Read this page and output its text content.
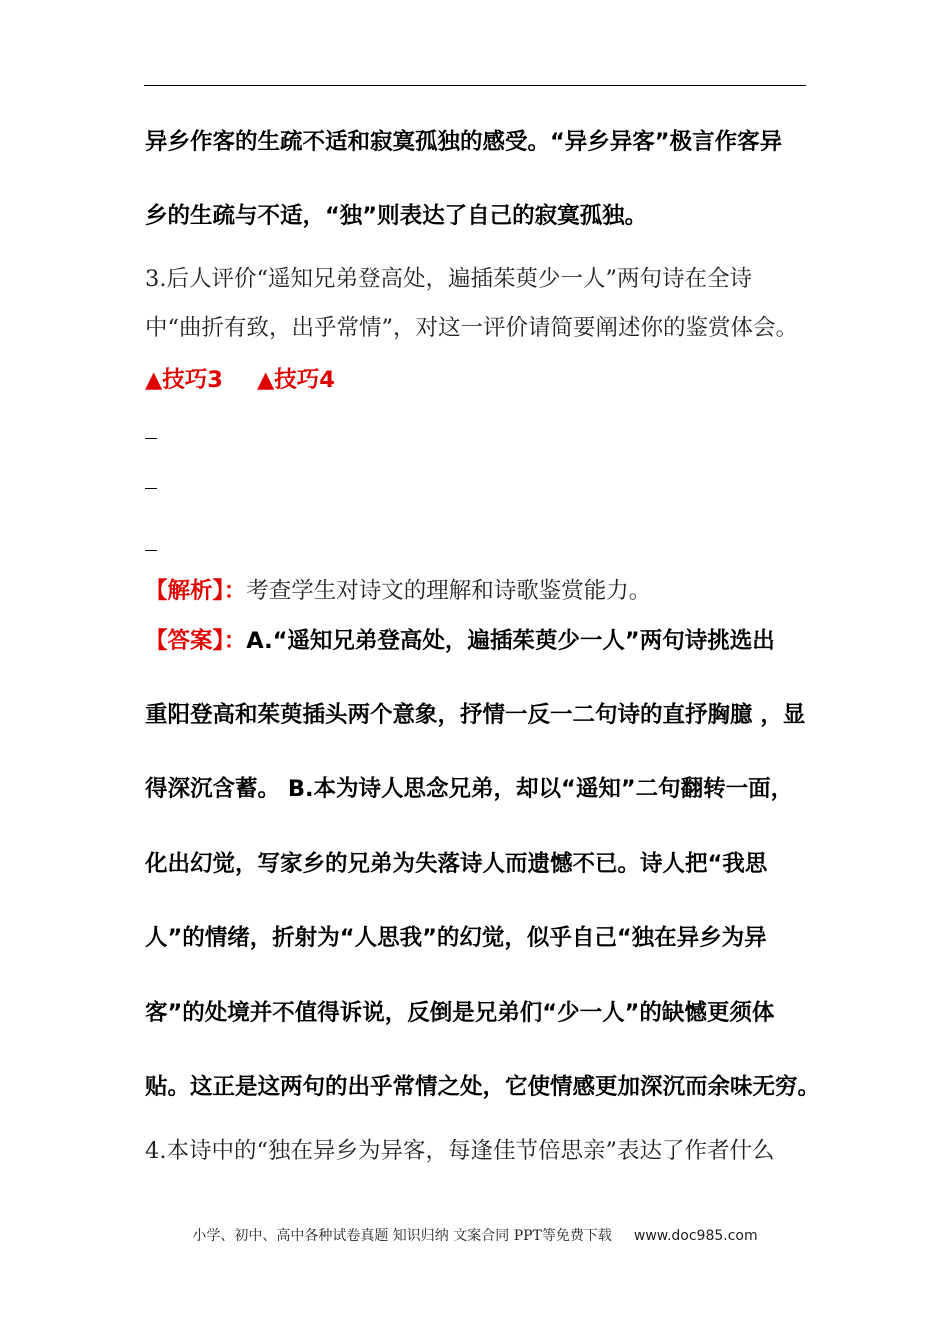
异乡作客的生疏不适和寂寞孤独的感受。“异乡异客”极言作客异
乡的生疏与不适，“独”则表达了自己的寂寞孤独。
3.后人评价“遥知兄弟登高处，遍插茱萸少一人”两句诗在全诗
中“曲折有致，出乎常情”，对这一评价请简要阐述你的鉴赏体会。
▲技巧3 ▲技巧4
【解析】：考查学生对诗文的理解和诗歌鉴赏能力。
【答案】：A.“遥知兄弟登高处，遍插茱萸少一人”两句诗挑选出
重阳登高和茱萸插头两个意象，抒情一反一二句诗的直抒胸臆 ，显
得深沉含蓄。 B.本为诗人思念兄弟，却以“遥知”二句翻转一面，
化出幻觉，写家乡的兄弟为失落诗人而遗憾不已。诗人把“我思
人”的情绪，折射为“人思我”的幻觉，似乎自己“独在异乡为异
客”的处境并不值得诉说，反倒是兄弟们“少一人”的缺憾更须体
贴。这正是这两句的出乎常情之处，它使情感更加深沉而余味无穷。
4.本诗中的“独在异乡为异客，每逢佳节倍思亲”表达了作者什么
小学、初中、高中各种试卷真题 知识归纳 文案合同 PPT等免费下载 www.doc985.com
